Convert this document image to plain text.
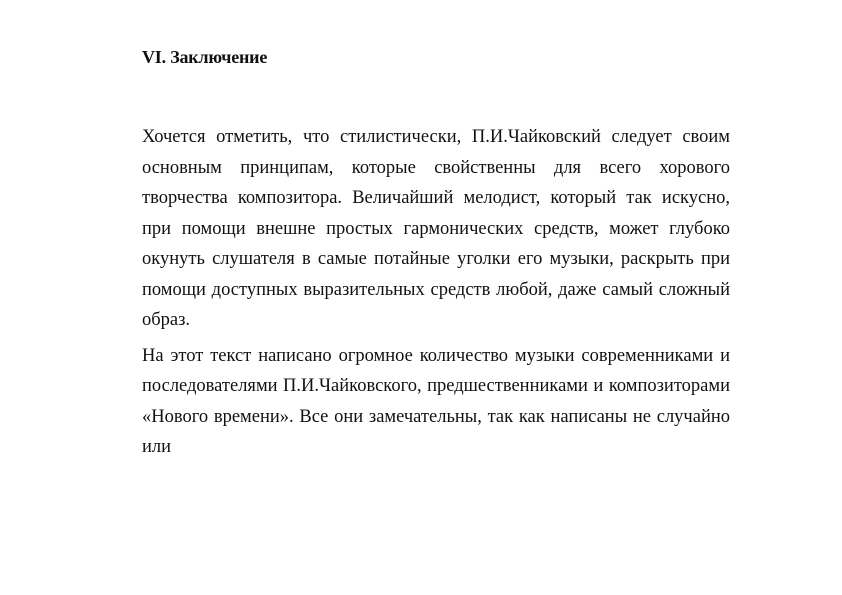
VI. Заключение

Хочется отметить, что стилистически, П.И.Чайковский следует своим основным принципам, которые свойственны для всего хорового творчества композитора. Величайший мелодист, который так искусно, при помощи внешне простых гармонических средств, может глубоко окунуть слушателя в самые потайные уголки его музыки, раскрыть при помощи доступных выразительных средств любой, даже самый сложный образ.

На этот текст написано огромное количество музыки современниками и последователями П.И.Чайковского, предшественниками и композиторами «Нового времени». Все они замечательны, так как написаны не случайно или
